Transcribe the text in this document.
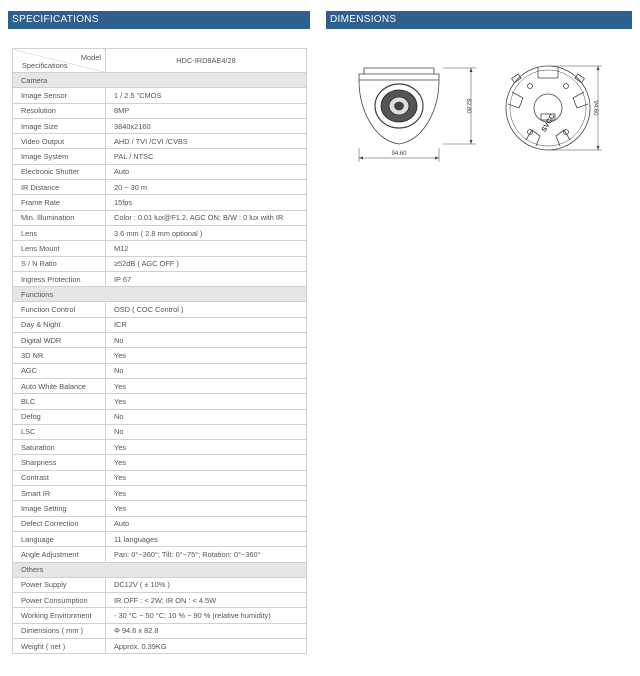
SPECIFICATIONS	DIMENSIONS
Model
Specifications	HDC-IRD8AE4/28
Camera	
Image Sensor	1 / 2.5 "CMOS
Resolution	8MP
Image Size	3840x2160
Video Output	AHD / TVI /CVI /CVBS
Image System	PAL / NTSC
Electronic Shutter	Auto
IR Distance	20 ~ 30 m
Frame Rate	15fps
Min. Illumination	Color : 0.01 lux@F1.2, AGC ON; B/W : 0 lux with IR
Lens	3.6 mm ( 2.8 mm optional )
Lens Mount	M12
S / N Ratio	≥52dB ( AGC OFF )
Ingress Protection	IP 67
Functions	
Function Control	OSD ( COC Control )
Day & Night	ICR
Digital WDR	No
3D NR	Yes
AGC	No
Auto White Balance	Yes
BLC	Yes
Defog	No
LSC	No
Saturation	Yes
Sharpness	Yes
Contrast	Yes
Smart IR	Yes
Image Setting	Yes
Defect Correction	Auto
Language	11 languages
Angle Adjustment	Pan: 0°~360°; Tilt: 0°~75°; Rotation: 0°~360°
Others	
Power Supply	DC12V ( ± 10% )
Power Consumption	IR OFF : < 2W; IR ON : < 4.5W
Working Environment	- 30 °C ~ 50 °C; 10 % ~ 90 % (relative humidity)
Dimensions ( mm )	Φ 94.6 x 82.8
Weight ( net )	Approx. 0.39KG
94.60
82.80
SVCC
94.60
